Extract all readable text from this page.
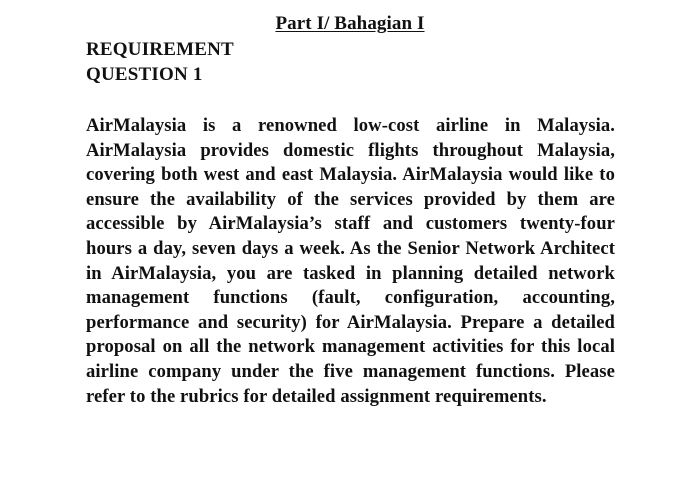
Part I/ Bahagian I
REQUIREMENT
QUESTION 1

AirMalaysia is a renowned low-cost airline in Malaysia. AirMalaysia provides domestic flights throughout Malaysia, covering both west and east Malaysia. AirMalaysia would like to ensure the availability of the services provided by them are accessible by AirMalaysia’s staff and customers twenty-four hours a day, seven days a week. As the Senior Network Architect in AirMalaysia, you are tasked in planning detailed network management functions (fault, configuration, accounting, performance and security) for AirMalaysia. Prepare a detailed proposal on all the network management activities for this local airline company under the five management functions. Please refer to the rubrics for detailed assignment requirements.
